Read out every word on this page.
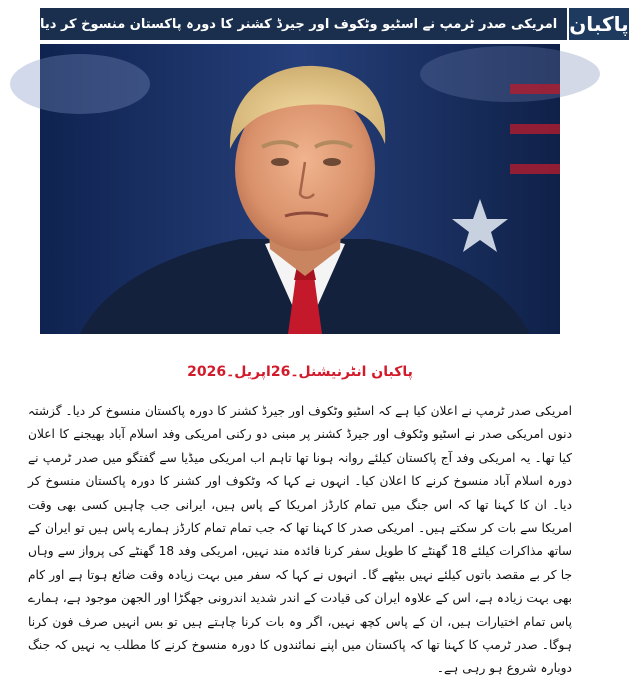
پاکبان
امریکی صدر ٹرمپ نے اسٹیو وٹکوف اور جیرڈ کشنر کا دورہ پاکستان منسوخ کر دیا
پاکبان انٹرنیشنل۔26اپریل۔2026
امریکی صدر ٹرمپ نے اعلان کیا ہے کہ اسٹیو وٹکوف اور جیرڈ کشنر کا دورہ پاکستان منسوخ کر دیا۔ گزشتہ دنوں امریکی صدر نے اسٹیو وٹکوف اور جیرڈ کشنر پر مبنی دو رکنی امریکی وفد اسلام آباد بھیجنے کا اعلان کیا تھا۔ یہ امریکی وفد آج پاکستان کیلئے روانہ ہونا تھا تاہم اب امریکی میڈیا سے گفتگو میں صدر ٹرمپ نے دورہ اسلام آباد منسوخ کرنے کا اعلان کیا۔ انہوں نے کہا کہ وٹکوف اور کشنر کا دورہ پاکستان منسوخ کر دیا۔ ان کا کہنا تھا کہ اس جنگ میں تمام کارڈز امریکا کے پاس ہیں، ایرانی جب چاہیں کسی بھی وقت امریکا سے بات کر سکتے ہیں۔ امریکی صدر کا کہنا تھا کہ جب تمام تمام کارڈز ہمارے پاس ہیں تو ایران کے ساتھ مذاکرات کیلئے 18 گھنٹے کا طویل سفر کرنا فائدہ مند نہیں، امریکی وفد 18 گھنٹے کی پرواز سے وہاں جا کر بے مقصد باتوں کیلئے نہیں بیٹھے گا۔ انہوں نے کہا کہ سفر میں بہت زیادہ وقت ضائع ہوتا ہے اور کام بھی بہت زیادہ ہے، اس کے علاوہ ایران کی قیادت کے اندر شدید اندرونی جھگڑا اور الجھن موجود ہے، ہمارے پاس تمام اختیارات ہیں، ان کے پاس کچھ نہیں، اگر وہ بات کرنا چاہتے ہیں تو بس انہیں صرف فون کرنا ہوگا۔ صدر ٹرمپ کا کہنا تھا کہ پاکستان میں اپنے نمائندوں کا دورہ منسوخ کرنے کا مطلب یہ نہیں کہ جنگ دوبارہ شروع ہو رہی ہے۔
